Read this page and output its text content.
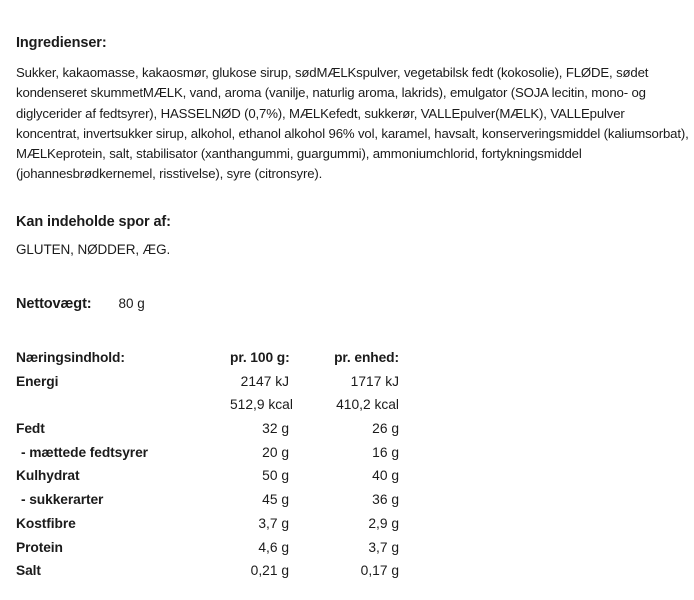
Ingredienser:
Sukker, kakaomasse, kakaosmør, glukose sirup, sødMÆLKspulver, vegetabilsk fedt (kokosolie), FLØDE, sødet kondenseret skummetMÆLK, vand, aroma (vanilje, naturlig aroma, lakrids), emulgator (SOJA lecitin, mono- og diglycerider af fedtsyrer), HASSELNØD (0,7%), MÆLKefedt, sukkerør, VALLEpulver(MÆLK), VALLEpulver koncentrat, invertsukker sirup, alkohol, ethanol alkohol 96% vol, karamel, havsalt, konserveringsmiddel (kaliumsorbat), MÆLKeprotein, salt, stabilisator (xanthangummi, guargummi), ammoniumchlorid, fortykningsmiddel (johannesbrødkernemel, risstivelse), syre (citronsyre).
Kan indeholde spor af:
GLUTEN, NØDDER, ÆG.
Nettovægt: 80 g
Næringsindhold:	pr. 100 g:	pr. enhed:
Energi	2147 kJ	1717 kJ
512,9 kcal	410,2 kcal
Fedt	32 g	26 g
- mættede fedtsyrer	20 g	16 g
Kulhydrat	50 g	40 g
- sukkerarter	45 g	36 g
Kostfibre	3,7 g	2,9 g
Protein	4,6 g	3,7 g
Salt	0,21 g	0,17 g
